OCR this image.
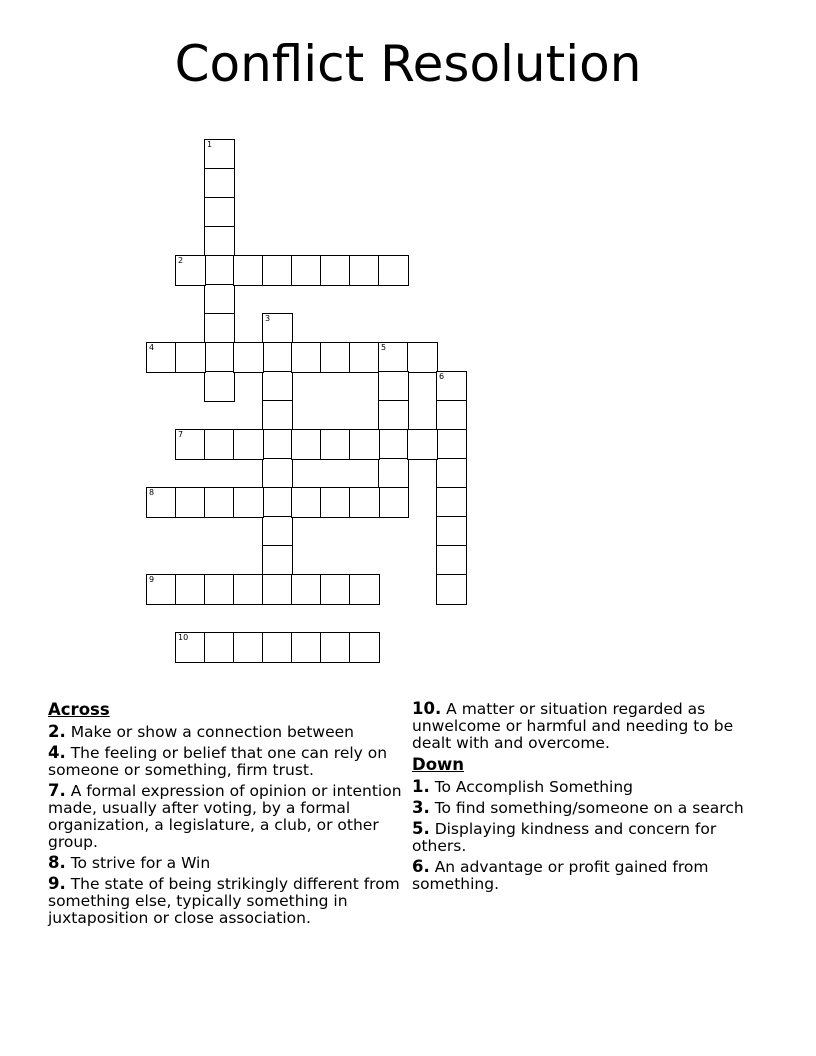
Conflict Resolution
1
2
3
4	5
6
7
8
9
10
Across
2. Make or show a connection between
4. The feeling or belief that one can rely on someone or something, firm trust.
7. A formal expression of opinion or intention made, usually after voting, by a formal organization, a legislature, a club, or other group.
8. To strive for a Win
9. The state of being strikingly different from something else, typically something in juxtaposition or close association.
10. A matter or situation regarded as unwelcome or harmful and needing to be dealt with and overcome.
Down
1. To Accomplish Something
3. To find something/someone on a search
5. Displaying kindness and concern for others.
6. An advantage or profit gained from something.
